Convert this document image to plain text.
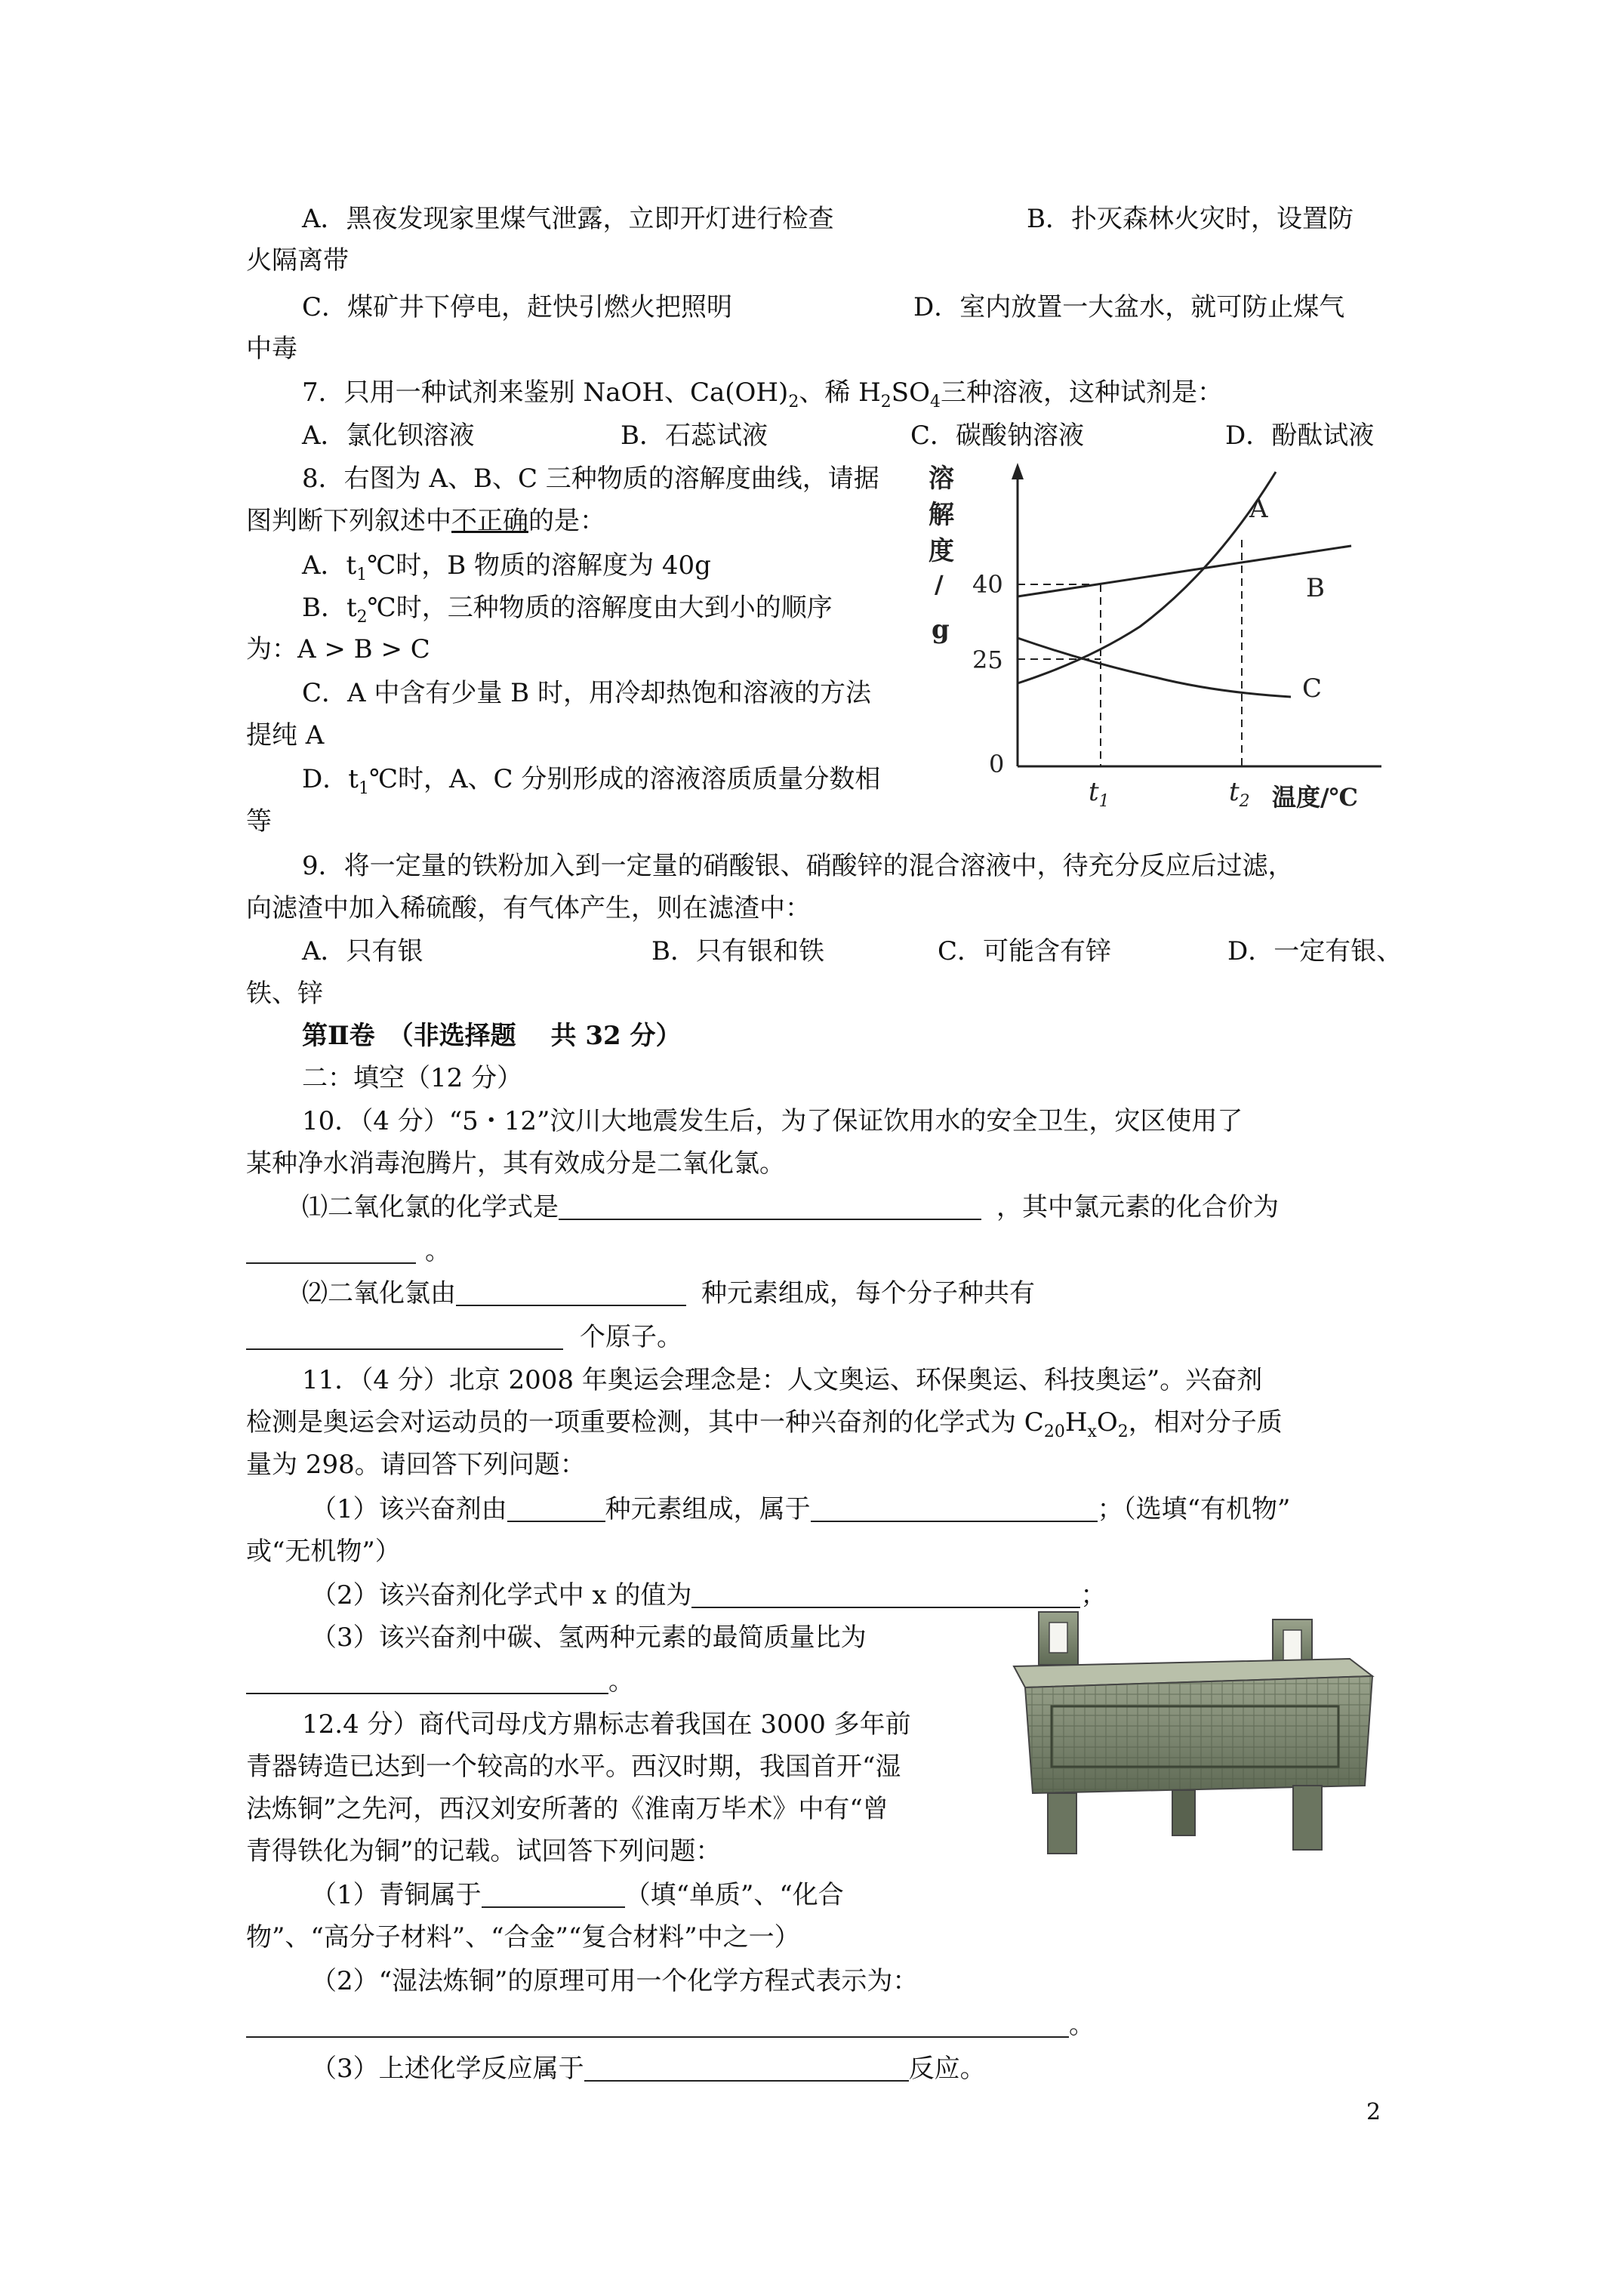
A．黑夜发现家里煤气泄露，立即开灯进行检查	B．扑灭森林火灾时，设置防
火隔离带
C．煤矿井下停电，赶快引燃火把照明	D．室内放置一大盆水，就可防止煤气
中毒
7．只用一种试剂来鉴别 NaOH、$Ca(OH)_2$、稀 $H_2SO_4$三种溶液，这种试剂是：
A．氯化钡溶液	B．石蕊试液	C．碳酸钠溶液	D．酚酞试液
8．右图为 A、B、C 三种物质的溶解度曲线，请据
图判断下列叙述中不正确的是：
A．$t_1℃$时，B 物质的溶解度为 40g
B．$t_2℃$时，三种物质的溶解度由大到小的顺序
为：A > B > C
C．A 中含有少量 B 时，用冷却热饱和溶液的方法
提纯 A
D．$t_1℃$时，A、C 分别形成的溶液溶质质量分数相
等
溶
解
度
/
g
40
25
0
A
B
C
$t_1$	$t_2$ 温度/℃
9．将一定量的铁粉加入到一定量的硝酸银、硝酸锌的混合溶液中，待充分反应后过滤，
向滤渣中加入稀硫酸，有气体产生，则在滤渣中：
A．只有银	B．只有银和铁	C．可能含有锌	D．一定有银、
铁、锌
第Ⅱ卷　（非选择题　 共 32 分）
二：填空（12 分）
10．（4 分）“5・12”汶川大地震发生后，为了保证饮用水的安全卫生，灾区使用了
某种净水消毒泡腾片，其有效成分是二氧化氯。
⑴二氧化氯的化学式是	，其中氯元素的化合价为
。
⑵二氧化氯由	种元素组成，每个分子种共有
个原子。
11．（4 分）北京 2008 年奥运会理念是：人文奥运、环保奥运、科技奥运”。兴奋剂
检测是奥运会对运动员的一项重要检测，其中一种兴奋剂的化学式为 $C_{20}H_xO_2$，相对分子质
量为 298。请回答下列问题：
（1）该兴奋剂由	种元素组成，属于	；（选填“有机物”
或“无机物”）
（2）该兴奋剂化学式中 x 的值为	；
（3）该兴奋剂中碳、氢两种元素的最简质量比为
。
12.4 分）商代司母戊方鼎标志着我国在 3000 多年前
青器铸造已达到一个较高的水平。西汉时期，我国首开“湿
法炼铜”之先河，西汉刘安所著的《淮南万毕术》中有“曾
青得铁化为铜”的记载。试回答下列问题：
（1）青铜属于	（填“单质”、“化合
物”、“高分子材料”、“合金”“复合材料”中之一）
（2）“湿法炼铜”的原理可用一个化学方程式表示为：
。
（3）上述化学反应属于	反应。
2
